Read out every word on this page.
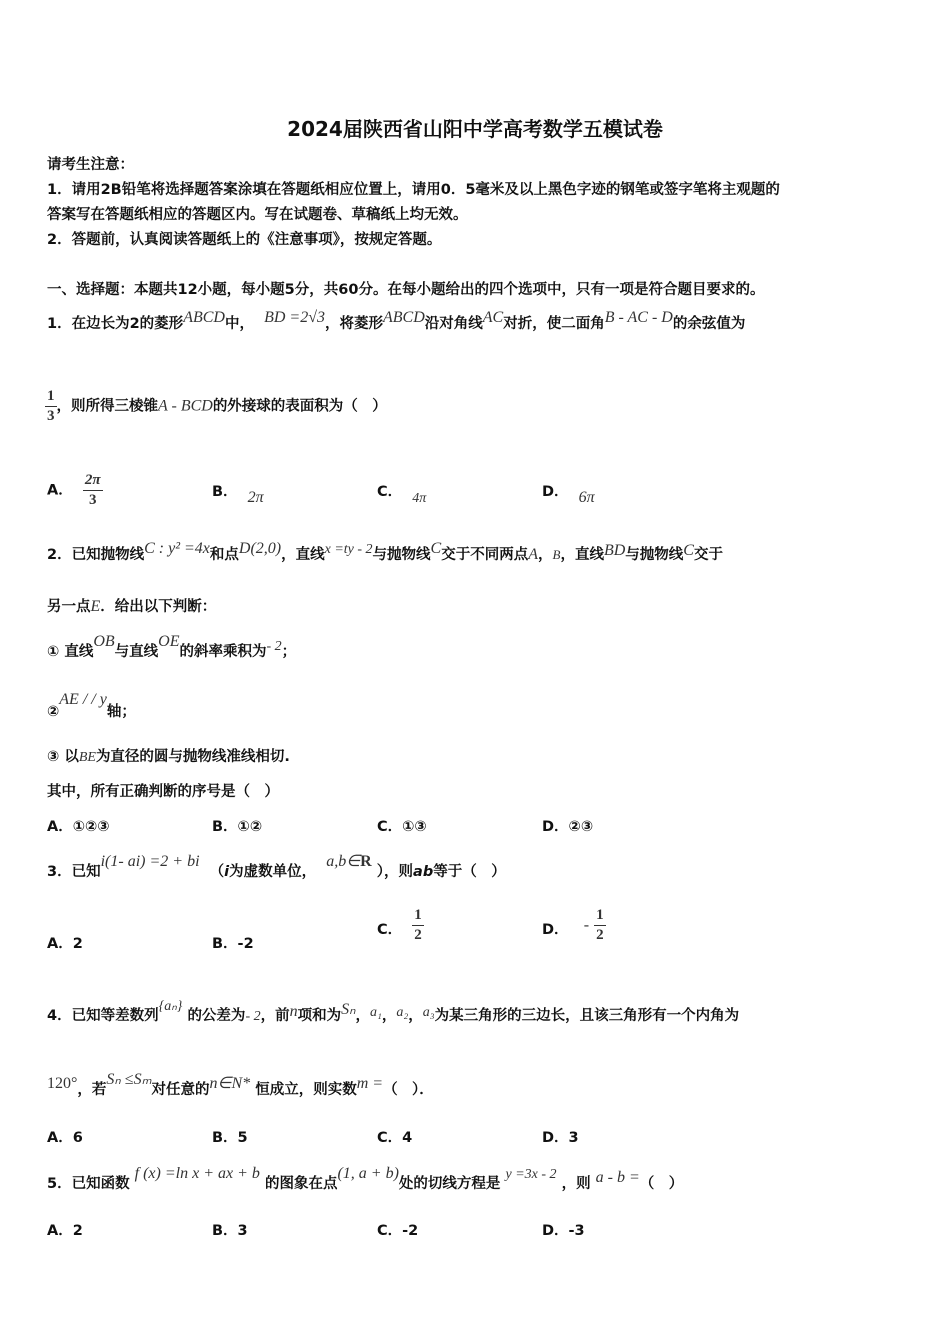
2024届陕西省山阳中学高考数学五模试卷
请考生注意：
1．请用2B铅笔将选择题答案涂填在答题纸相应位置上，请用0．5毫米及以上黑色字迹的钢笔或签字笔将主观题的
答案写在答题纸相应的答题区内。写在试题卷、草稿纸上均无效。
2．答题前，认真阅读答题纸上的《注意事项》，按规定答题。
一、选择题：本题共12小题，每小题5分，共60分。在每小题给出的四个选项中，只有一项是符合题目要求的。
1．在边长为2的菱形ABCD中， BD =2√3，将菱形ABCD沿对角线AC对折，使二面角B - AC - D的余弦值为
$\frac{1}{3}$ ，则所得三棱锥A - BCD的外接球的表面积为（　）
A． $\frac{2\pi}{3}$	B． 2π	C． 4π	D． 6π
2．已知抛物线C : y² =4x和点D(2,0)，直线x =ty - 2与抛物线C交于不同两点A，B，直线BD与抛物线C交于
另一点E．给出以下判断：
① 直线OB与直线OE的斜率乘积为- 2；
②AE / / y轴；
③ 以BE为直径的圆与抛物线准线相切.
其中，所有正确判断的序号是（　）
A．①②③	B．①②	C．①③	D．②③
3．已知i(1- ai) =2 + bi  （i为虚数单位，  a,b∈R ），则ab等于（　）
A．2	B．-2
C． $\frac{1}{2}$	D． - $\frac{1}{2}$
4．已知等差数列{aₙ} 的公差为- 2，前n项和为Sₙ，a₁，a₂，a₃为某三角形的三边长，且该三角形有一个内角为
120°，若Sₙ ≤Sₘ对任意的n∈N* 恒成立，则实数m =（　）．
A．6	B．5	C．4	D．3
5．已知函数 f (x) =ln x + ax + b 的图象在点(1, a + b)处的切线方程是 y =3x - 2 ，则 a - b =（　）
A．2	B．3	C．-2	D．-3
